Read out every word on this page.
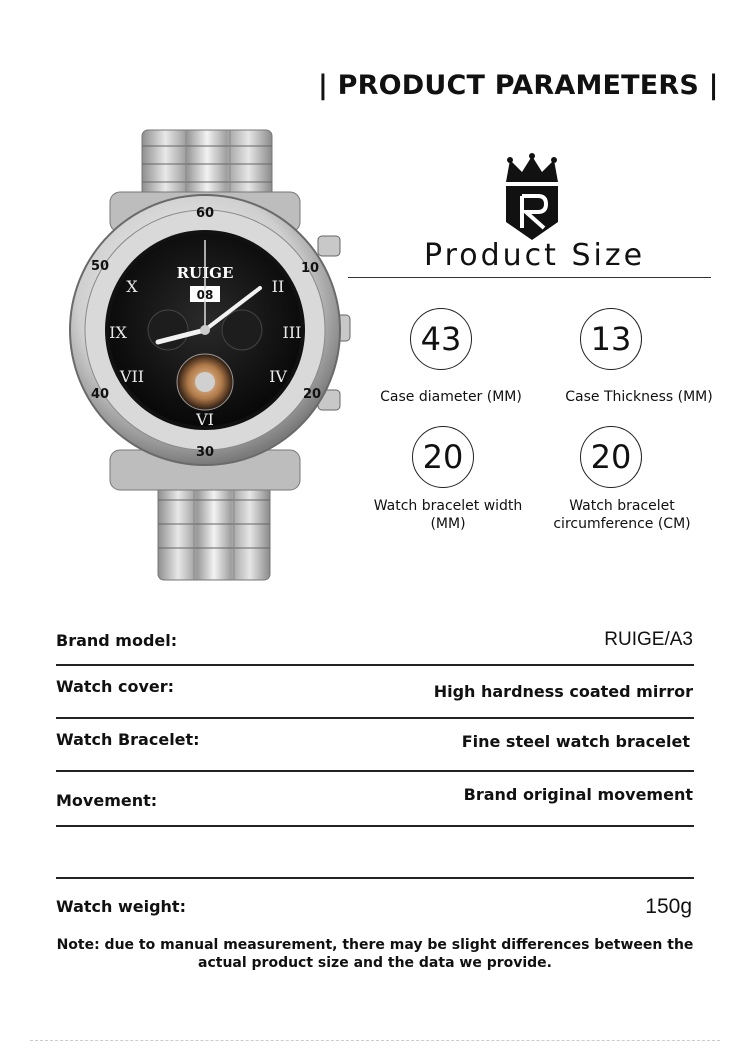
| PRODUCT PARAMETERS |
60
10
20
30
40
50
X
IX
VII
II
III
IV
VI
RUIGE
08
Product Size
43
Case diameter (MM)
13
Case Thickness (MM)
20
Watch bracelet width (MM)
20
Watch bracelet circumference (CM)
Brand model:	RUIGE/A3
Watch cover:	High hardness coated mirror
Watch Bracelet:	Fine steel watch bracelet
Movement:	Brand original movement
Watch weight:	150g
Note: due to manual measurement, there may be slight differences between the actual product size and the data we provide.
